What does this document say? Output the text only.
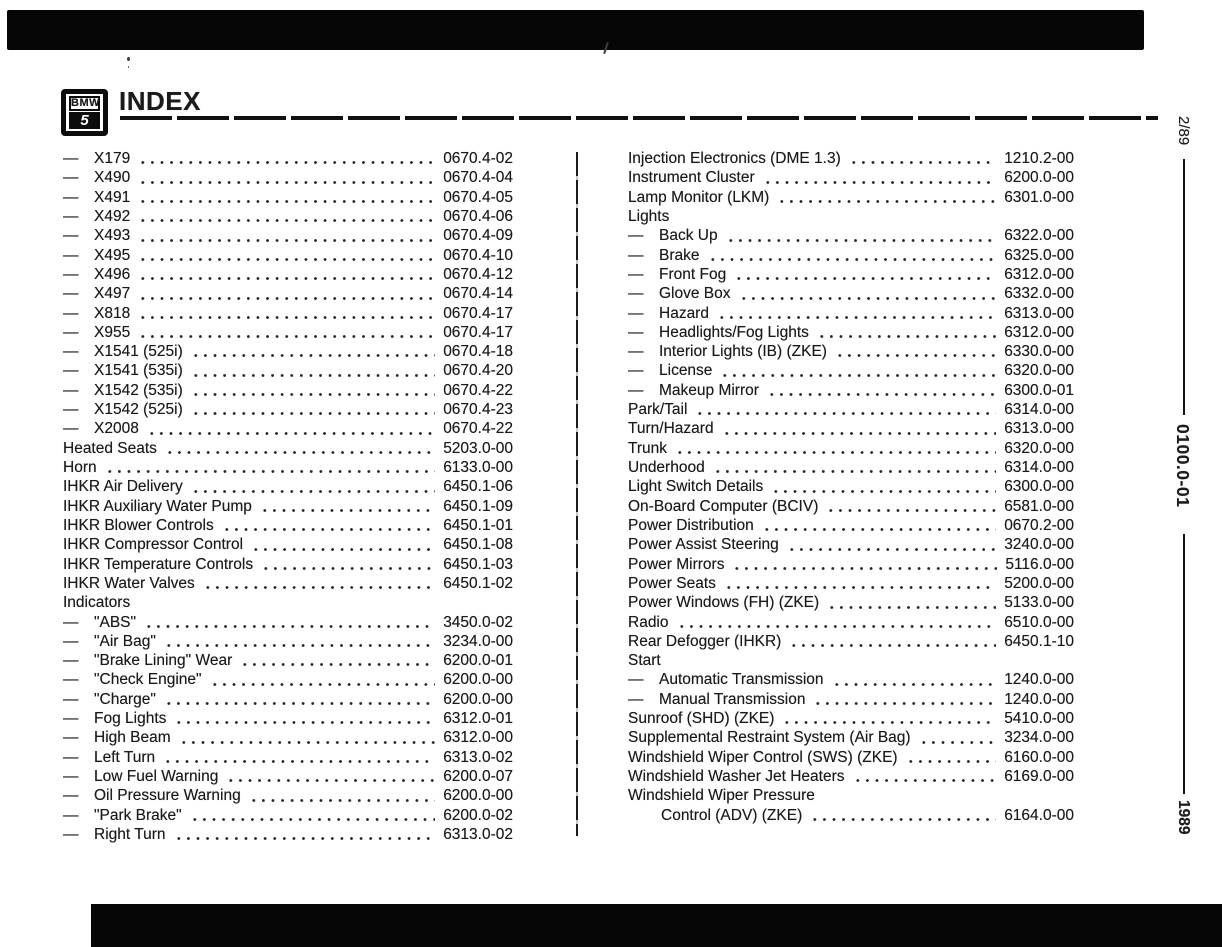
BMW
5
INDEX
—	X179	0670.4-02
—	X490	0670.4-04
—	X491	0670.4-05
—	X492	0670.4-06
—	X493	0670.4-09
—	X495	0670.4-10
—	X496	0670.4-12
—	X497	0670.4-14
—	X818	0670.4-17
—	X955	0670.4-17
—	X1541 (525i)	0670.4-18
—	X1541 (535i)	0670.4-20
—	X1542 (535i)	0670.4-22
—	X1542 (525i)	0670.4-23
—	X2008	0670.4-22
Heated Seats	5203.0-00
Horn	6133.0-00
IHKR Air Delivery	6450.1-06
IHKR Auxiliary Water Pump	6450.1-09
IHKR Blower Controls	6450.1-01
IHKR Compressor Control	6450.1-08
IHKR Temperature Controls	6450.1-03
IHKR Water Valves	6450.1-02
Indicators
—	"ABS"	3450.0-02
—	"Air Bag"	3234.0-00
—	"Brake Lining" Wear	6200.0-01
—	"Check Engine"	6200.0-00
—	"Charge"	6200.0-00
—	Fog Lights	6312.0-01
—	High Beam	6312.0-00
—	Left Turn	6313.0-02
—	Low Fuel Warning	6200.0-07
—	Oil Pressure Warning	6200.0-00
—	"Park Brake"	6200.0-02
—	Right Turn	6313.0-02
Injection Electronics (DME 1.3)	1210.2-00
Instrument Cluster	6200.0-00
Lamp Monitor (LKM)	6301.0-00
Lights
—	Back Up	6322.0-00
—	Brake	6325.0-00
—	Front Fog	6312.0-00
—	Glove Box	6332.0-00
—	Hazard	6313.0-00
—	Headlights/Fog Lights	6312.0-00
—	Interior Lights (IB) (ZKE)	6330.0-00
—	License	6320.0-00
—	Makeup Mirror	6300.0-01
Park/Tail	6314.0-00
Turn/Hazard	6313.0-00
Trunk	6320.0-00
Underhood	6314.0-00
Light Switch Details	6300.0-00
On-Board Computer (BCIV)	6581.0-00
Power Distribution	0670.2-00
Power Assist Steering	3240.0-00
Power Mirrors	5116.0-00
Power Seats	5200.0-00
Power Windows (FH) (ZKE)	5133.0-00
Radio	6510.0-00
Rear Defogger (IHKR)	6450.1-10
Start
—	Automatic Transmission	1240.0-00
—	Manual Transmission	1240.0-00
Sunroof (SHD) (ZKE)	5410.0-00
Supplemental Restraint System (Air Bag)	3234.0-00
Windshield Wiper Control (SWS) (ZKE)	6160.0-00
Windshield Washer Jet Heaters	6169.0-00
Windshield Wiper Pressure
Control (ADV) (ZKE)	6164.0-00
2/89
0100.0-01
1989
